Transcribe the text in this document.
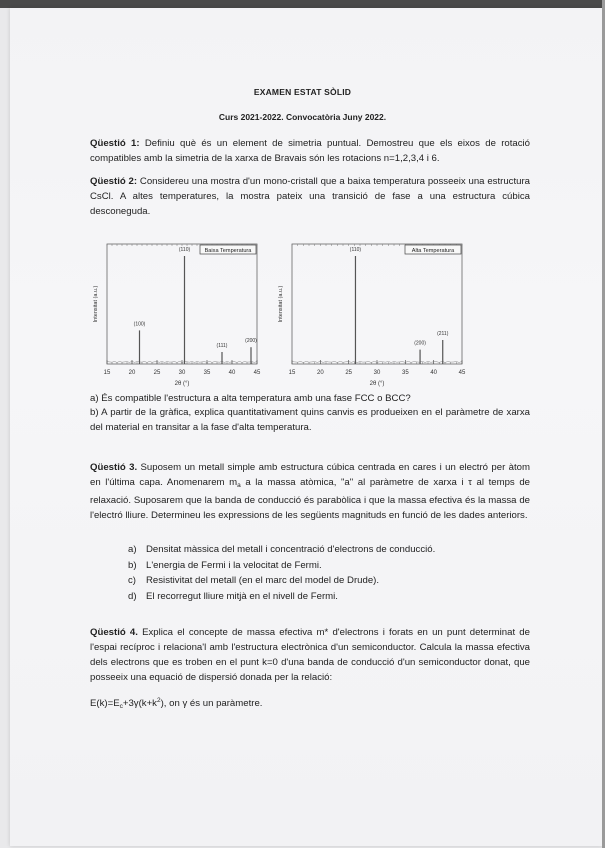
EXAMEN ESTAT SÒLID
Curs 2021-2022. Convocatòria Juny 2022.
Qüestió 1: Definiu què és un element de simetria puntual. Demostreu que els eixos de rotació compatibles amb la simetria de la xarxa de Bravais són les rotacions n=1,2,3,4 i 6.
Qüestió 2: Considereu una mostra d'un mono-cristall que a baixa temperatura posseeix una estructura CsCl. A altes temperatures, la mostra pateix una transició de fase a una estructura cúbica desconeguda.
15	20	25	30	35	40	45
(100)
(110)
(111)
(200)
Baixa Temperatura
2θ (°)
Intensitat (a.u.)
15	20	25	30	35	40	45
(110)
(200)
(211)
Alta Temperatura
2θ (°)
Intensitat (a.u.)
a) És compatible l'estructura a alta temperatura amb una fase FCC o BCC?
b) A partir de la gràfica, explica quantitativament quins canvis es produeixen en el paràmetre de xarxa del material en transitar a la fase d'alta temperatura.
Qüestió 3. Suposem un metall simple amb estructura cúbica centrada en cares i un electró per àtom en l'última capa. Anomenarem $m_a$ a la massa atòmica, "a" al paràmetre de xarxa i τ al temps de relaxació. Suposarem que la banda de conducció és parabòlica i que la massa efectiva és la massa de l'electró lliure. Determineu les expressions de les següents magnituds en funció de les dades anteriors.
a) Densitat màssica del metall i concentració d'electrons de conducció.
b) L'energia de Fermi i la velocitat de Fermi.
c) Resistivitat del metall (en el marc del model de Drude).
d) El recorregut lliure mitjà en el nivell de Fermi.
Qüestió 4. Explica el concepte de massa efectiva m* d'electrons i forats en un punt determinat de l'espai recíproc i relaciona'l amb l'estructura electrònica d'un semiconductor. Calcula la massa efectiva dels electrons que es troben en el punt k=0 d'una banda de conducció d'un semiconductor donat, que posseeix una equació de dispersió donada per la relació:
$E(k)=E_c+3\gamma(k+k^2)$, on γ és un paràmetre.
